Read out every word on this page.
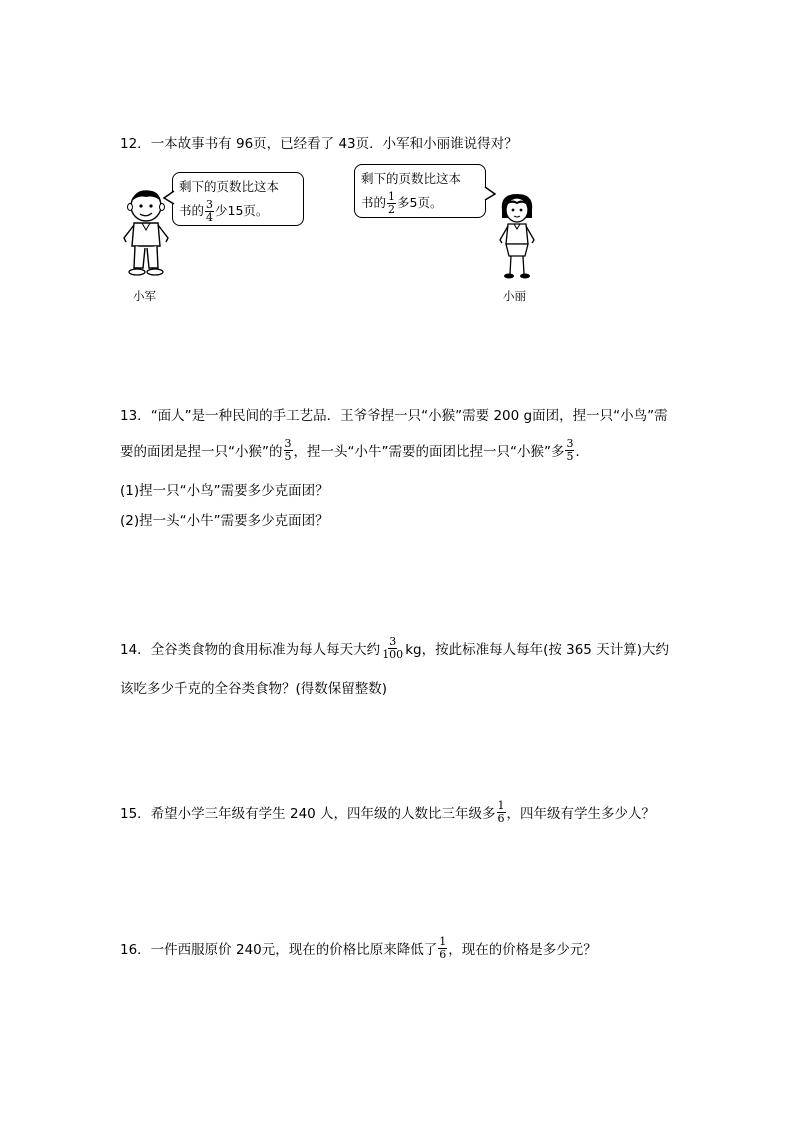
12． 一本故事书有 96页，已经看了 43页．小军和小丽谁说得对？
剩下的页数比这本
书的 $\frac{3}{4}$ 少15页。
小军
剩下的页数比这本
书的 $\frac{1}{2}$ 多5页。
小丽
13． “面人”是一种民间的手工艺品．王爷爷捏一只“小猴”需要 200 g面团，捏一只“小鸟”需
要的面团是捏一只“小猴”的 $\frac{3}{5}$ ，捏一头“小牛”需要的面团比捏一只“小猴”多 $\frac{3}{5}$ ．
(1)捏一只“小鸟”需要多少克面团？
(2)捏一头“小牛”需要多少克面团？
14． 全谷类食物的食用标准为每人每天大约 $\frac{3}{100}$ kg，按此标准每人每年(按 365 天计算)大约
该吃多少千克的全谷类食物？(得数保留整数)
15． 希望小学三年级有学生 240 人，四年级的人数比三年级多 $\frac{1}{6}$ ，四年级有学生多少人？
16． 一件西服原价 240元，现在的价格比原来降低了 $\frac{1}{6}$ ，现在的价格是多少元？
